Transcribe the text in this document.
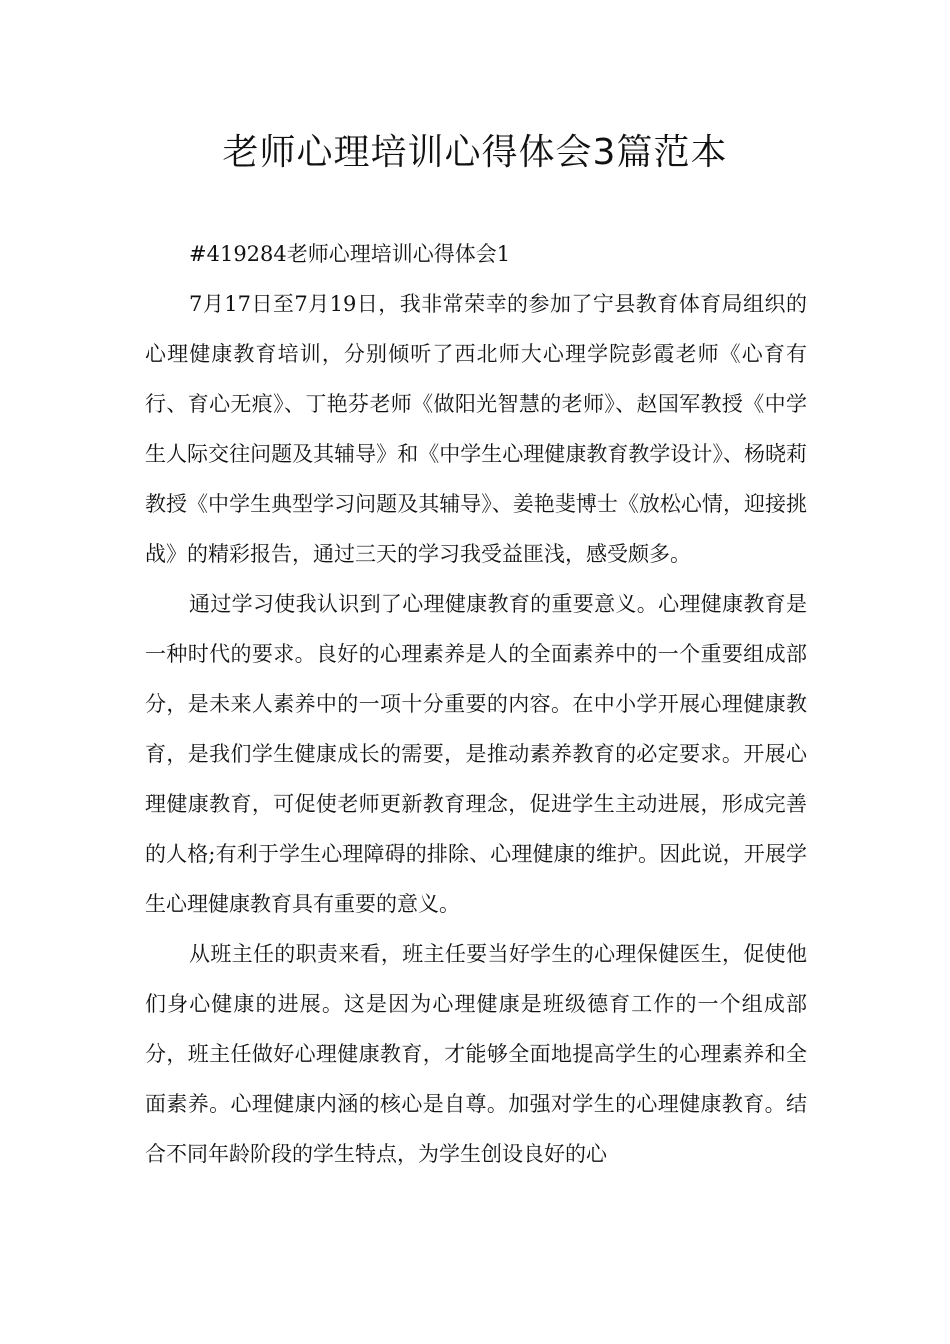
老师心理培训心得体会3篇范本

#419284老师心理培训心得体会1

7月17日至7月19日，我非常荣幸的参加了宁县教育体育局组织的心理健康教育培训，分别倾听了西北师大心理学院彭霞老师《心育有行、育心无痕》、丁艳芬老师《做阳光智慧的老师》、赵国军教授《中学生人际交往问题及其辅导》和《中学生心理健康教育教学设计》、杨晓莉教授《中学生典型学习问题及其辅导》、姜艳斐博士《放松心情，迎接挑战》的精彩报告，通过三天的学习我受益匪浅，感受颇多。

通过学习使我认识到了心理健康教育的重要意义。心理健康教育是一种时代的要求。良好的心理素养是人的全面素养中的一个重要组成部分，是未来人素养中的一项十分重要的内容。在中小学开展心理健康教育，是我们学生健康成长的需要，是推动素养教育的必定要求。开展心理健康教育，可促使老师更新教育理念，促进学生主动进展，形成完善的人格;有利于学生心理障碍的排除、心理健康的维护。因此说，开展学生心理健康教育具有重要的意义。

从班主任的职责来看，班主任要当好学生的心理保健医生，促使他们身心健康的进展。这是因为心理健康是班级德育工作的一个组成部分，班主任做好心理健康教育，才能够全面地提高学生的心理素养和全面素养。心理健康内涵的核心是自尊。加强对学生的心理健康教育。结合不同年龄阶段的学生特点，为学生创设良好的心
